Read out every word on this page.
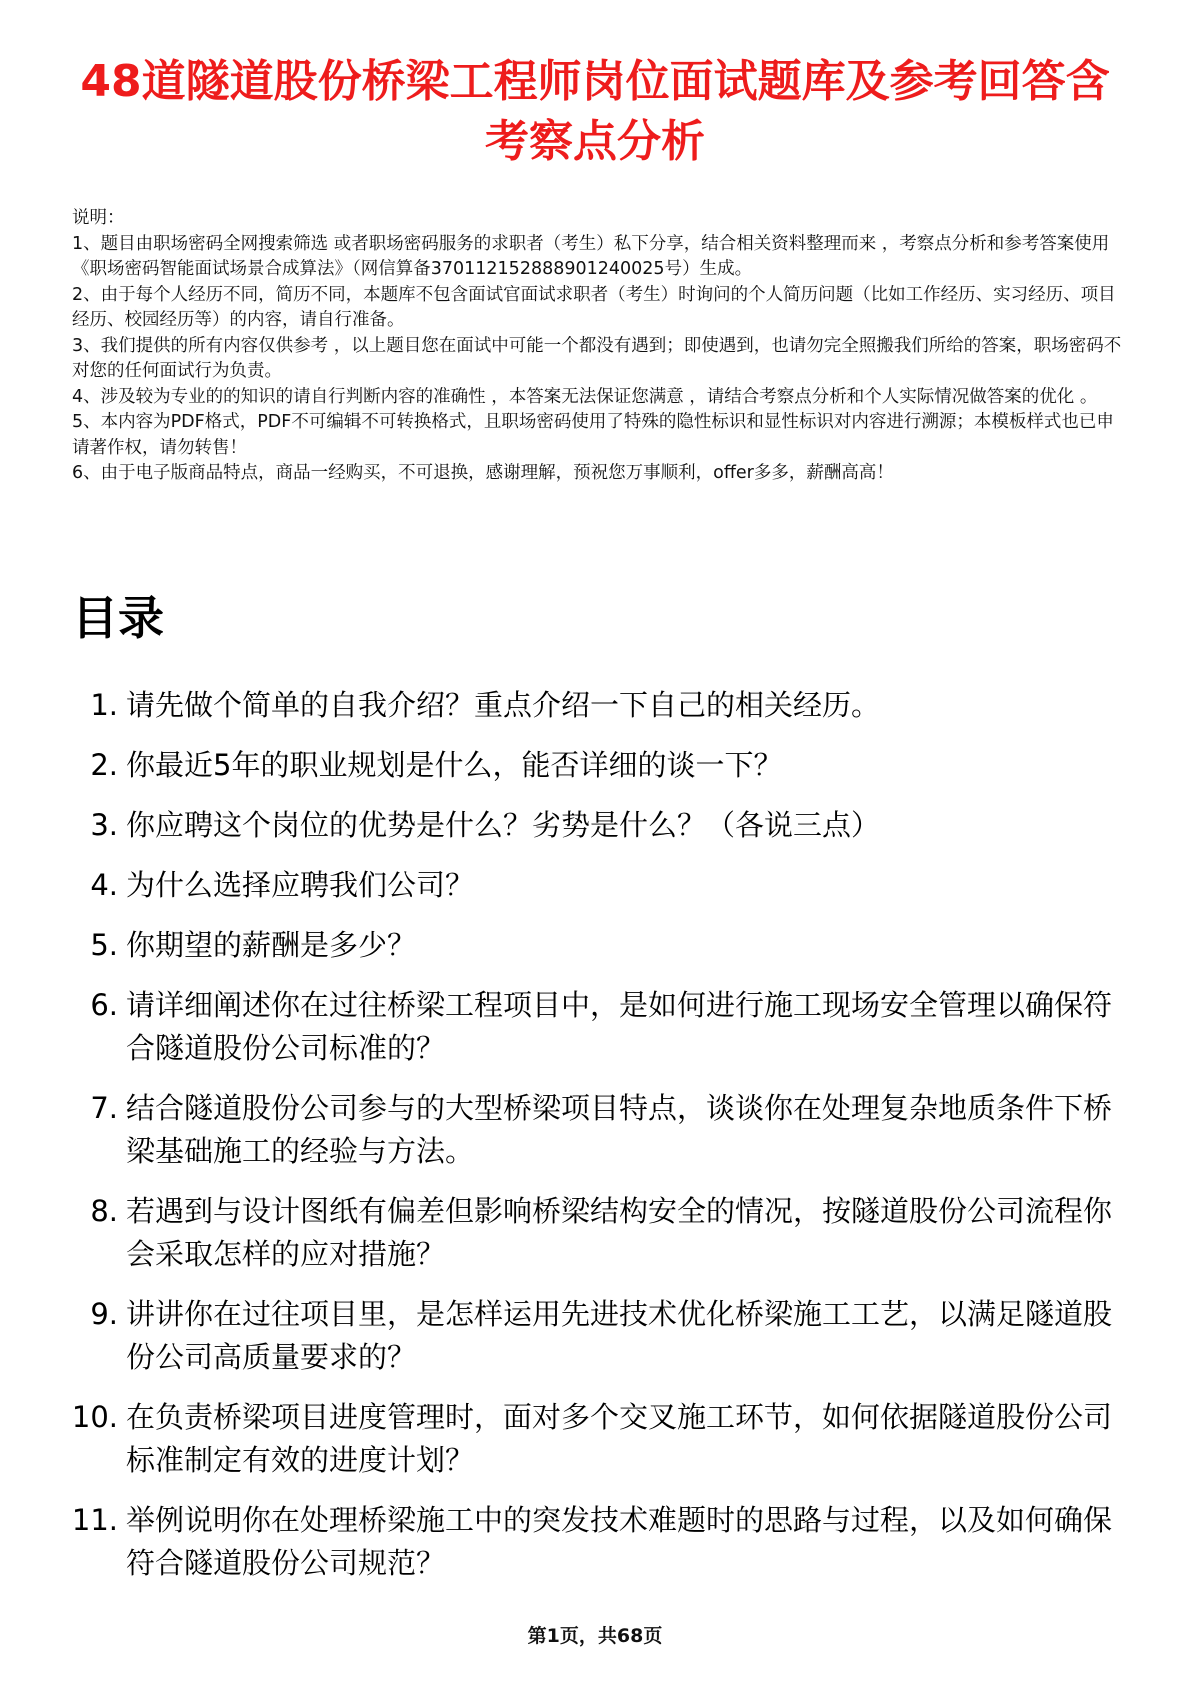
48道隧道股份桥梁工程师岗位面试题库及参考回答含考察点分析

说明：

1、题目由职场密码全网搜索筛选 或者职场密码服务的求职者（考生）私下分享，结合相关资料整理而来 ，考察点分析和参考答案使用《职场密码智能面试场景合成算法》（网信算备370112152888901240025号）生成。

2、由于每个人经历不同，简历不同，本题库不包含面试官面试求职者（考生）时询问的个人简历问题（比如工作经历、实习经历、项目经历、校园经历等）的内容，请自行准备。

3、我们提供的所有内容仅供参考 ，以上题目您在面试中可能一个都没有遇到；即使遇到，也请勿完全照搬我们所给的答案，职场密码不对您的任何面试行为负责。

4、涉及较为专业的的知识的请自行判断内容的准确性 ，本答案无法保证您满意 ，请结合考察点分析和个人实际情况做答案的优化 。

5、本内容为PDF格式，PDF不可编辑不可转换格式，且职场密码使用了特殊的隐性标识和显性标识对内容进行溯源；本模板样式也已申请著作权，请勿转售！

6、由于电子版商品特点，商品一经购买，不可退换，感谢理解，预祝您万事顺利，offer多多，薪酬高高！

目录
1. 请先做个简单的自我介绍？重点介绍一下自己的相关经历。
2. 你最近5年的职业规划是什么，能否详细的谈一下？
3. 你应聘这个岗位的优势是什么？劣势是什么？（各说三点）
4. 为什么选择应聘我们公司？
5. 你期望的薪酬是多少？
6. 请详细阐述你在过往桥梁工程项目中，是如何进行施工现场安全管理以确保符合隧道股份公司标准的？
7. 结合隧道股份公司参与的大型桥梁项目特点，谈谈你在处理复杂地质条件下桥梁基础施工的经验与方法。
8. 若遇到与设计图纸有偏差但影响桥梁结构安全的情况，按隧道股份公司流程你会采取怎样的应对措施？
9. 讲讲你在过往项目里，是怎样运用先进技术优化桥梁施工工艺，以满足隧道股份公司高质量要求的？
10. 在负责桥梁项目进度管理时，面对多个交叉施工环节，如何依据隧道股份公司标准制定有效的进度计划？
11. 举例说明你在处理桥梁施工中的突发技术难题时的思路与过程，以及如何确保符合隧道股份公司规范？
第1页，共68页
